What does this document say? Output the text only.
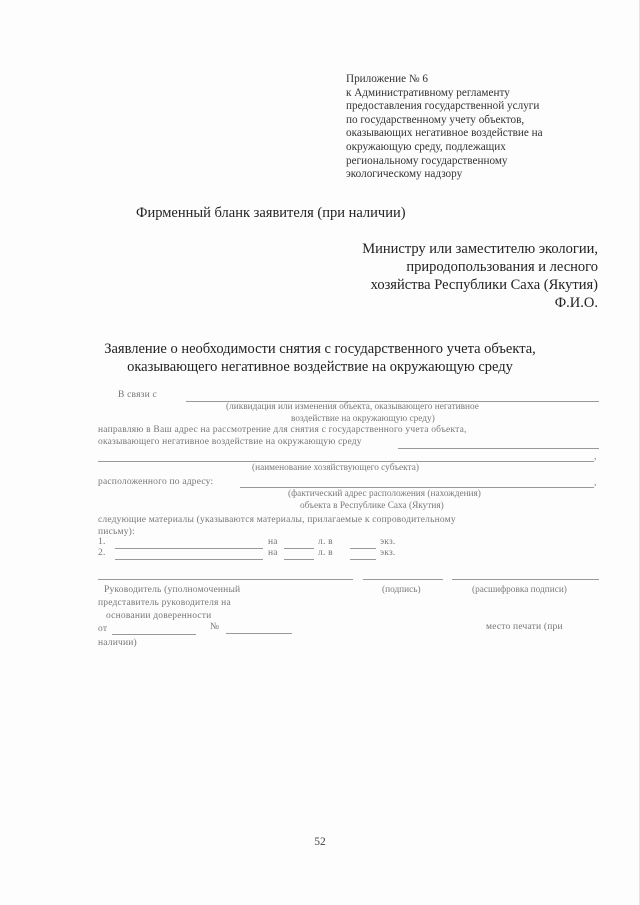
Приложение № 6
к Административному регламенту
предоставления государственной услуги
по государственному учету объектов,
оказывающих негативное воздействие на
окружающую среду, подлежащих
региональному государственному
экологическому надзору
Фирменный бланк заявителя (при наличии)
Министру или заместителю экологии,
природопользования и лесного
хозяйства Республики Саха (Якутия)
Ф.И.О.
Заявление о необходимости снятия с государственного учета объекта,
оказывающего негативное воздействие на окружающую среду
В связи с
(ликвидация или изменения объекта, оказывающего негативное
воздействие на окружающую среду)
направляю в Ваш адрес на рассмотрение для снятия с государственного учета объекта,
оказывающего негативное воздействие на окружающую среду
,
(наименование хозяйствующего субъекта)
расположенного по адресу:	,
(фактический адрес расположения (нахождения)
объекта в Республике Саха (Якутия)
следующие материалы (указываются материалы, прилагаемые к сопроводительному
письму):
1.	на	л. в	экз.
2.	на	л. в	экз.
Руководитель (уполномоченный	(подпись)	(расшифровка подписи)
представитель руководителя на
основании доверенности
от	№	место печати (при
наличии)
52
